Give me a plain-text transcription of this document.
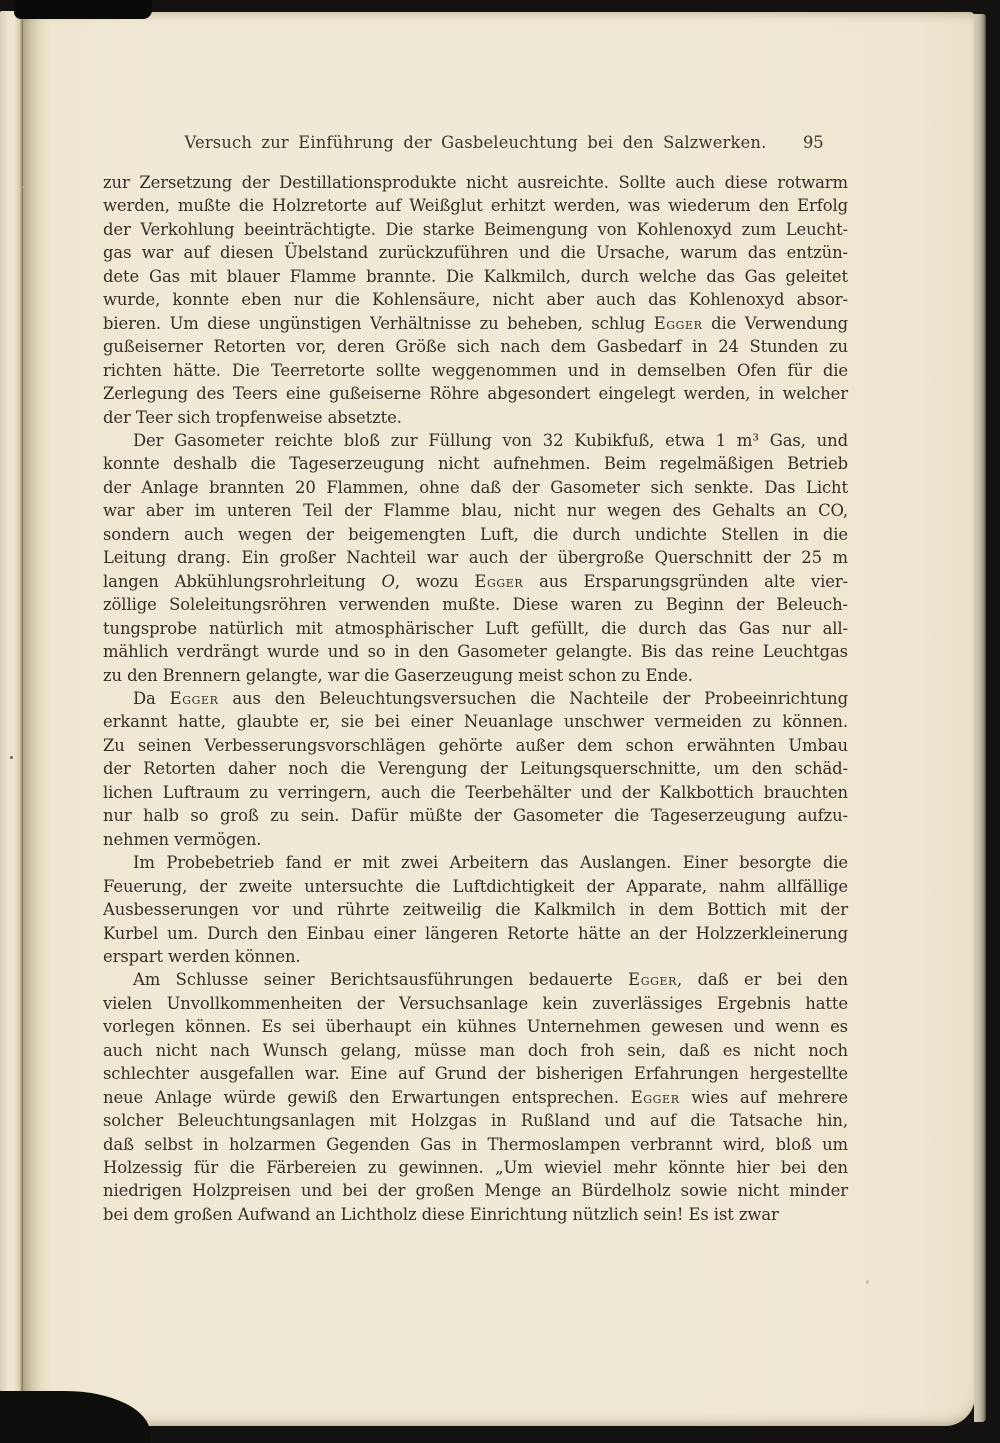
Versuch zur Einführung der Gasbeleuchtung bei den Salzwerken.	95
zur Zersetzung der Destillationsprodukte nicht ausreichte. Sollte auch diese rotwarm
werden, mußte die Holzretorte auf Weißglut erhitzt werden, was wiederum den Erfolg
der Verkohlung beeinträchtigte. Die starke Beimengung von Kohlenoxyd zum Leucht-
gas war auf diesen Übelstand zurückzuführen und die Ursache, warum das entzün-
dete Gas mit blauer Flamme brannte. Die Kalkmilch, durch welche das Gas geleitet
wurde, konnte eben nur die Kohlensäure, nicht aber auch das Kohlenoxyd absor-
bieren. Um diese ungünstigen Verhältnisse zu beheben, schlug Egger die Verwendung
gußeiserner Retorten vor, deren Größe sich nach dem Gasbedarf in 24 Stunden zu
richten hätte. Die Teerretorte sollte weggenommen und in demselben Ofen für die
Zerlegung des Teers eine gußeiserne Röhre abgesondert eingelegt werden, in welcher
der Teer sich tropfenweise absetzte.
Der Gasometer reichte bloß zur Füllung von 32 Kubikfuß, etwa 1 m³ Gas, und
konnte deshalb die Tageserzeugung nicht aufnehmen. Beim regelmäßigen Betrieb
der Anlage brannten 20 Flammen, ohne daß der Gasometer sich senkte. Das Licht
war aber im unteren Teil der Flamme blau, nicht nur wegen des Gehalts an CO,
sondern auch wegen der beigemengten Luft, die durch undichte Stellen in die
Leitung drang. Ein großer Nachteil war auch der übergroße Querschnitt der 25 m
langen Abkühlungsrohrleitung O, wozu Egger aus Ersparungsgründen alte vier-
zöllige Soleleitungsröhren verwenden mußte. Diese waren zu Beginn der Beleuch-
tungsprobe natürlich mit atmosphärischer Luft gefüllt, die durch das Gas nur all-
mählich verdrängt wurde und so in den Gasometer gelangte. Bis das reine Leuchtgas
zu den Brennern gelangte, war die Gaserzeugung meist schon zu Ende.
Da Egger aus den Beleuchtungsversuchen die Nachteile der Probeeinrichtung
erkannt hatte, glaubte er, sie bei einer Neuanlage unschwer vermeiden zu können.
Zu seinen Verbesserungsvorschlägen gehörte außer dem schon erwähnten Umbau
der Retorten daher noch die Verengung der Leitungsquerschnitte, um den schäd-
lichen Luftraum zu verringern, auch die Teerbehälter und der Kalkbottich brauchten
nur halb so groß zu sein. Dafür müßte der Gasometer die Tageserzeugung aufzu-
nehmen vermögen.
Im Probebetrieb fand er mit zwei Arbeitern das Auslangen. Einer besorgte die
Feuerung, der zweite untersuchte die Luftdichtigkeit der Apparate, nahm allfällige
Ausbesserungen vor und rührte zeitweilig die Kalkmilch in dem Bottich mit der
Kurbel um. Durch den Einbau einer längeren Retorte hätte an der Holzzerkleinerung
erspart werden können.
Am Schlusse seiner Berichtsausführungen bedauerte Egger, daß er bei den
vielen Unvollkommenheiten der Versuchsanlage kein zuverlässiges Ergebnis hatte
vorlegen können. Es sei überhaupt ein kühnes Unternehmen gewesen und wenn es
auch nicht nach Wunsch gelang, müsse man doch froh sein, daß es nicht noch
schlechter ausgefallen war. Eine auf Grund der bisherigen Erfahrungen hergestellte
neue Anlage würde gewiß den Erwartungen entsprechen. Egger wies auf mehrere
solcher Beleuchtungsanlagen mit Holzgas in Rußland und auf die Tatsache hin,
daß selbst in holzarmen Gegenden Gas in Thermoslampen verbrannt wird, bloß um
Holzessig für die Färbereien zu gewinnen. „Um wieviel mehr könnte hier bei den
niedrigen Holzpreisen und bei der großen Menge an Bürdelholz sowie nicht minder
bei dem großen Aufwand an Lichtholz diese Einrichtung nützlich sein! Es ist zwar
